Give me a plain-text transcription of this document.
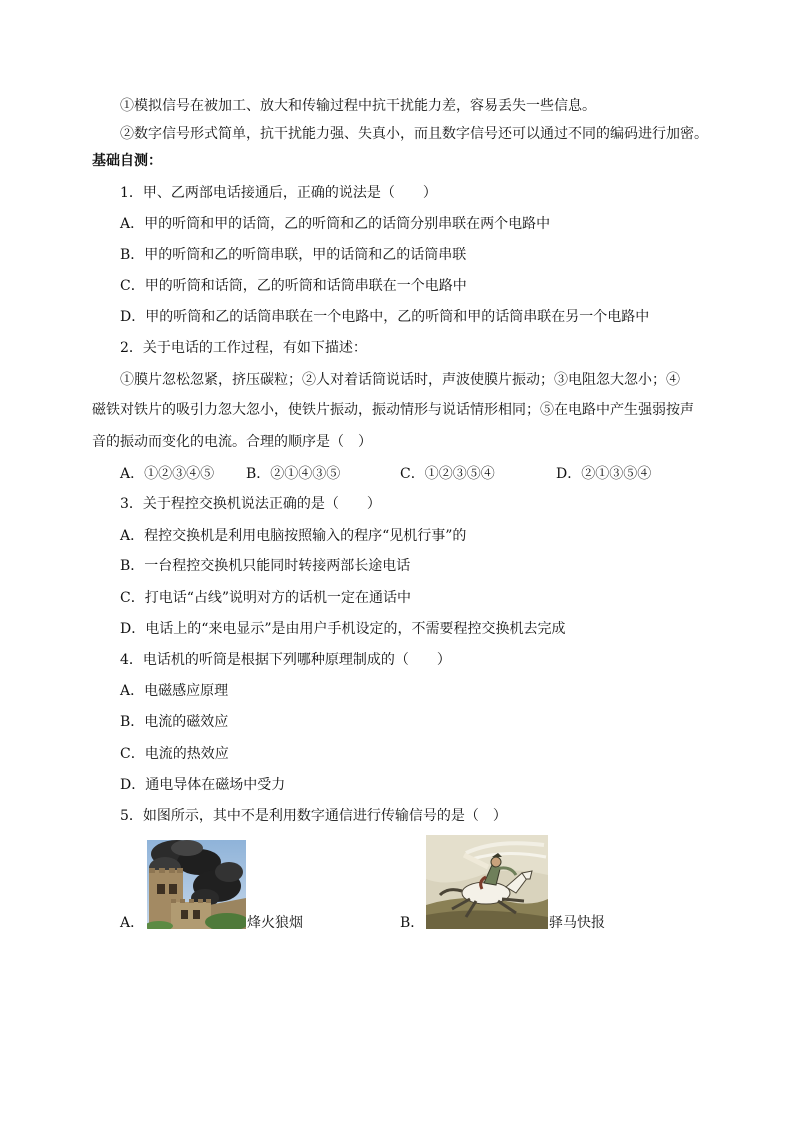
①模拟信号在被加工、放大和传输过程中抗干扰能力差，容易丢失一些信息。
②数字信号形式简单，抗干扰能力强、失真小，而且数字信号还可以通过不同的编码进行加密。
基础自测：
1．甲、乙两部电话接通后，正确的说法是（　　）
A．甲的听筒和甲的话筒，乙的听筒和乙的话筒分别串联在两个电路中
B．甲的听筒和乙的听筒串联，甲的话筒和乙的话筒串联
C．甲的听筒和话筒，乙的听筒和话筒串联在一个电路中
D．甲的听筒和乙的话筒串联在一个电路中，乙的听筒和甲的话筒串联在另一个电路中
2．关于电话的工作过程，有如下描述：
①膜片忽松忽紧，挤压碳粒；②人对着话筒说话时，声波使膜片振动；③电阻忽大忽小；④
磁铁对铁片的吸引力忽大忽小，使铁片振动，振动情形与说话情形相同；⑤在电路中产生强弱按声
音的振动而变化的电流。合理的顺序是（　）
A．①②③④⑤ B．②①④③⑤	C．①②③⑤④	D．②①③⑤④
3．关于程控交换机说法正确的是（　　）
A．程控交换机是利用电脑按照输入的程序“见机行事”的
B．一台程控交换机只能同时转接两部长途电话
C．打电话“占线”说明对方的话机一定在通话中
D．电话上的“来电显示”是由用户手机设定的，不需要程控交换机去完成
4．电话机的听筒是根据下列哪种原理制成的（　　）
A．电磁感应原理
B．电流的磁效应
C．电流的热效应
D．通电导体在磁场中受力
5．如图所示，其中不是利用数字通信进行传输信号的是（　）
A．	烽火狼烟	B．	驿马快报
